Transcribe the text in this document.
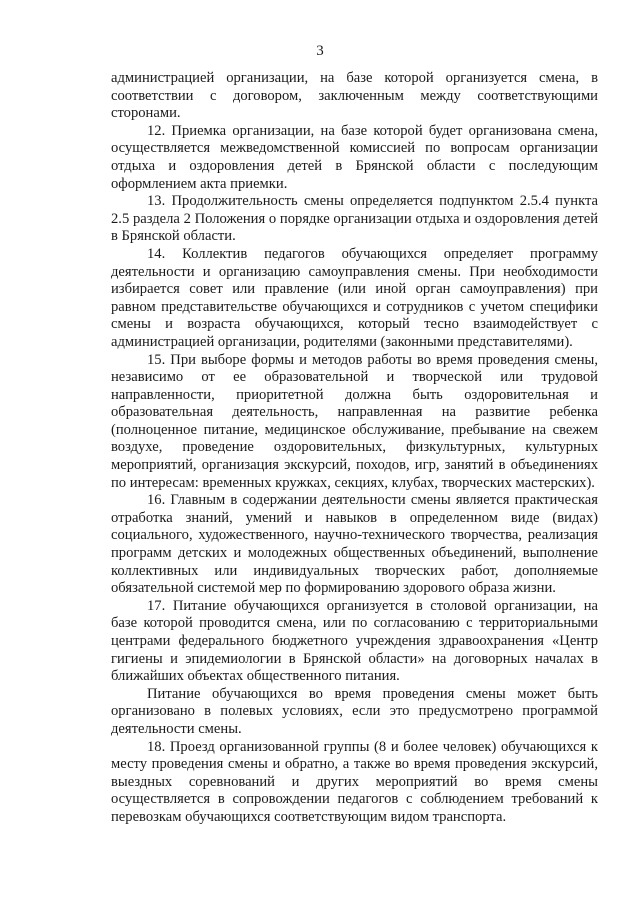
3

администрацией организации, на базе которой организуется смена, в соответствии с договором, заключенным между соответствующими сторонами.

12. Приемка организации, на базе которой будет организована смена, осуществляется межведомственной комиссией по вопросам организации отдыха и оздоровления детей в Брянской области с последующим оформлением акта приемки.

13. Продолжительность смены определяется подпунктом 2.5.4 пункта 2.5 раздела 2 Положения о порядке организации отдыха и оздоровления детей в Брянской области.

14. Коллектив педагогов обучающихся определяет программу деятельности и организацию самоуправления смены. При необходимости избирается совет или правление (или иной орган самоуправления) при равном представительстве обучающихся и сотрудников с учетом специфики смены и возраста обучающихся, который тесно взаимодействует с администрацией организации, родителями (законными представителями).

15. При выборе формы и методов работы во время проведения смены, независимо от ее образовательной и творческой или трудовой направленности, приоритетной должна быть оздоровительная и образовательная деятельность, направленная на развитие ребенка (полноценное питание, медицинское обслуживание, пребывание на свежем воздухе, проведение оздоровительных, физкультурных, культурных мероприятий, организация экскурсий, походов, игр, занятий в объединениях по интересам: временных кружках, секциях, клубах, творческих мастерских).

16. Главным в содержании деятельности смены является практическая отработка знаний, умений и навыков в определенном виде (видах) социального, художественного, научно-технического творчества, реализация программ детских и молодежных общественных объединений, выполнение коллективных или индивидуальных творческих работ, дополняемые обязательной системой мер по формированию здорового образа жизни.

17. Питание обучающихся организуется в столовой организации, на базе которой проводится смена, или по согласованию с территориальными центрами федерального бюджетного учреждения здравоохранения «Центр гигиены и эпидемиологии в Брянской области» на договорных началах в ближайших объектах общественного питания.

Питание обучающихся во время проведения смены может быть организовано в полевых условиях, если это предусмотрено программой деятельности смены.

18. Проезд организованной группы (8 и более человек) обучающихся к месту проведения смены и обратно, а также во время проведения экскурсий, выездных соревнований и других мероприятий во время смены осуществляется в сопровождении педагогов с соблюдением требований к перевозкам обучающихся соответствующим видом транспорта.
